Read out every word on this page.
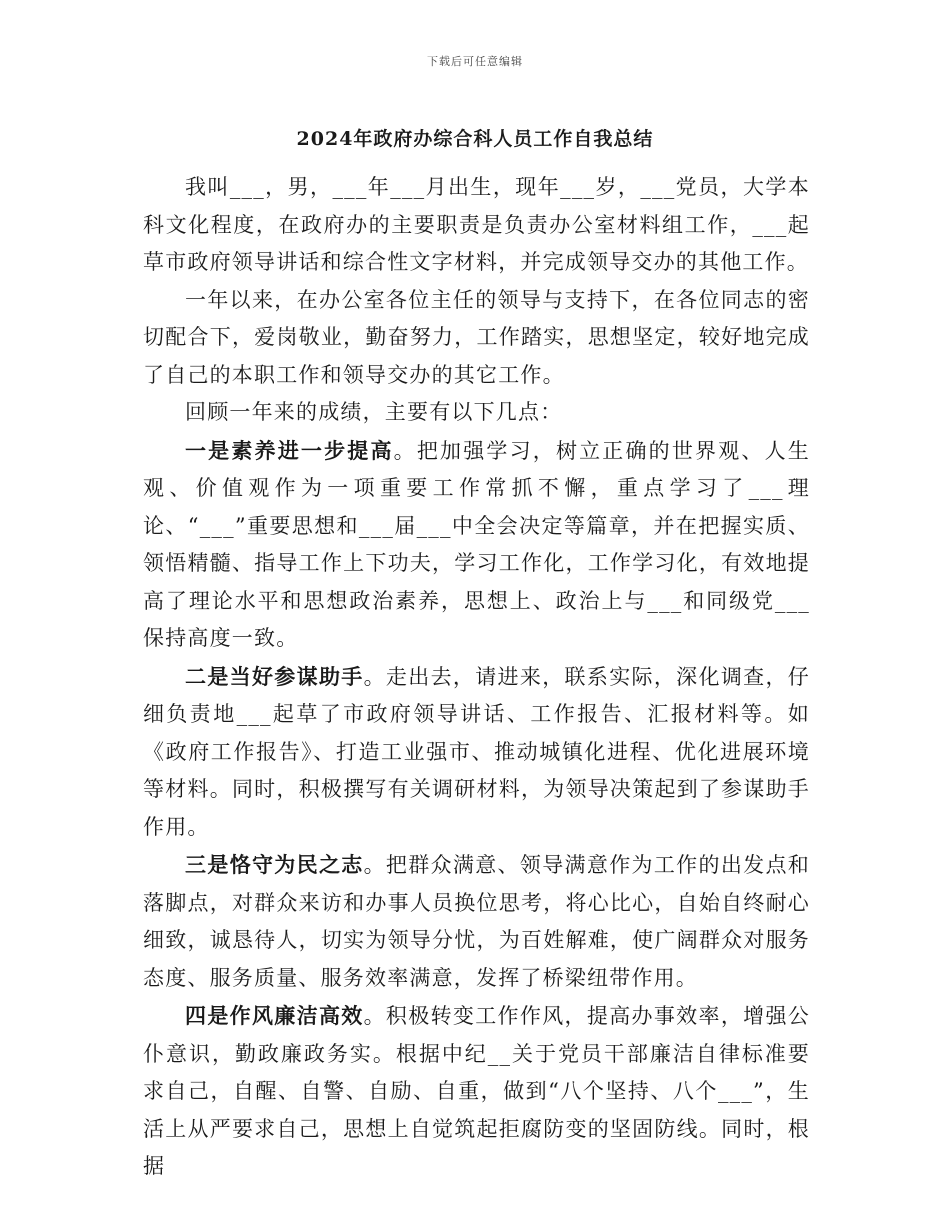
下载后可任意编辑
2024年政府办综合科人员工作自我总结

我叫___，男，___年___月出生，现年___岁，___党员，大学本科文化程度，在政府办的主要职责是负责办公室材料组工作，___起草市政府领导讲话和综合性文字材料，并完成领导交办的其他工作。

一年以来，在办公室各位主任的领导与支持下，在各位同志的密切配合下，爱岗敬业，勤奋努力，工作踏实，思想坚定，较好地完成了自己的本职工作和领导交办的其它工作。

回顾一年来的成绩，主要有以下几点：

一是素养进一步提高。把加强学习，树立正确的世界观、人生观、价值观作为一项重要工作常抓不懈，重点学习了___理论、“___”重要思想和___届___中全会决定等篇章，并在把握实质、领悟精髓、指导工作上下功夫，学习工作化，工作学习化，有效地提高了理论水平和思想政治素养，思想上、政治上与___和同级党___保持高度一致。

二是当好参谋助手。走出去，请进来，联系实际，深化调查，仔细负责地___起草了市政府领导讲话、工作报告、汇报材料等。如《政府工作报告》、打造工业强市、推动城镇化进程、优化进展环境等材料。同时，积极撰写有关调研材料，为领导决策起到了参谋助手作用。

三是恪守为民之志。把群众满意、领导满意作为工作的出发点和落脚点，对群众来访和办事人员换位思考，将心比心，自始自终耐心细致，诚恳待人，切实为领导分忧，为百姓解难，使广阔群众对服务态度、服务质量、服务效率满意，发挥了桥梁纽带作用。

四是作风廉洁高效。积极转变工作作风，提高办事效率，增强公仆意识，勤政廉政务实。根据中纪__关于党员干部廉洁自律标准要求自己，自醒、自警、自励、自重，做到“八个坚持、八个___”，生活上从严要求自己，思想上自觉筑起拒腐防变的坚固防线。同时，根据
